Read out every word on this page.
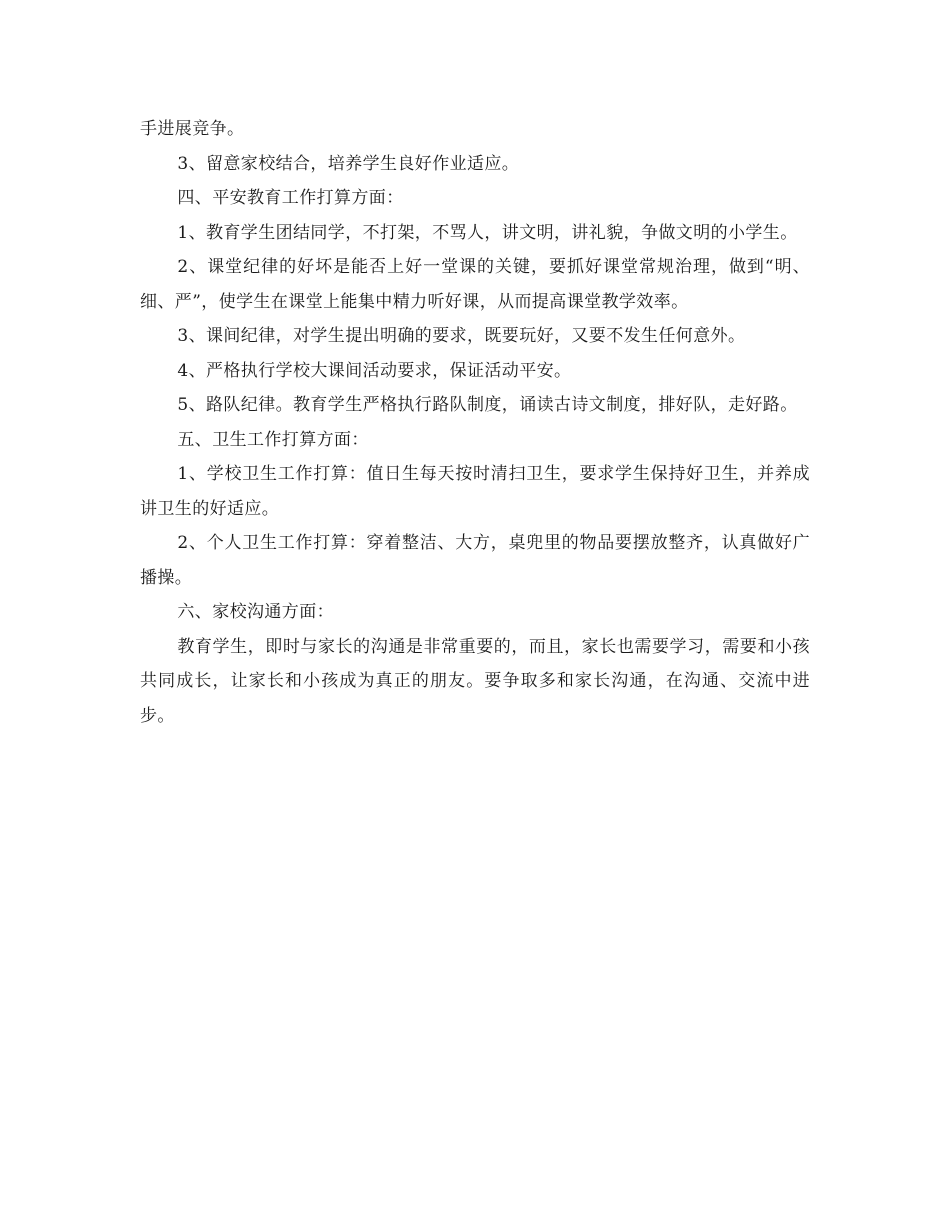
手进展竞争。

3、留意家校结合，培养学生良好作业适应。

四、平安教育工作打算方面：

1、教育学生团结同学，不打架，不骂人，讲文明，讲礼貌，争做文明的小学生。

2、课堂纪律的好坏是能否上好一堂课的关键，要抓好课堂常规治理，做到“明、细、严”，使学生在课堂上能集中精力听好课，从而提高课堂教学效率。

3、课间纪律，对学生提出明确的要求，既要玩好，又要不发生任何意外。

4、严格执行学校大课间活动要求，保证活动平安。

5、路队纪律。教育学生严格执行路队制度，诵读古诗文制度，排好队，走好路。

五、卫生工作打算方面：

1、学校卫生工作打算：值日生每天按时清扫卫生，要求学生保持好卫生，并养成讲卫生的好适应。

2、个人卫生工作打算：穿着整洁、大方，桌兜里的物品要摆放整齐，认真做好广播操。

六、家校沟通方面：

教育学生，即时与家长的沟通是非常重要的，而且，家长也需要学习，需要和小孩共同成长，让家长和小孩成为真正的朋友。要争取多和家长沟通，在沟通、交流中进步。
